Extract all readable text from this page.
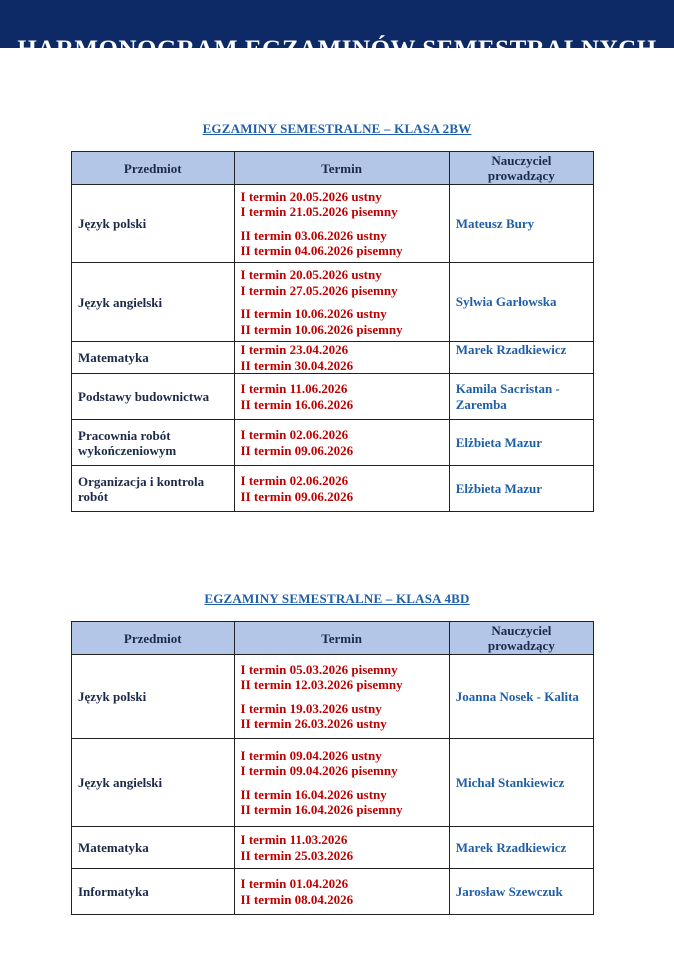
HARMONOGRAM EGZAMINÓW SEMESTRALNYCH
EGZAMINY SEMESTRALNE – KLASA 2BW
Przedmiot	Termin	Nauczyciel
prowadzący
Język polski	I termin 20.05.2026 ustny
I termin 21.05.2026 pisemny
II termin 03.06.2026 ustny
II termin 04.06.2026 pisemny	Mateusz Bury
Język angielski	I termin 20.05.2026 ustny
I termin 27.05.2026 pisemny
II termin 10.06.2026 ustny
II termin 10.06.2026 pisemny	Sylwia Garłowska
Matematyka	I termin 23.04.2026
II termin 30.04.2026	Marek Rzadkiewicz
Podstawy budownictwa	I termin 11.06.2026
II termin 16.06.2026	Kamila Sacristan - Zaremba
Pracownia robót wykończeniowym	I termin 02.06.2026
II termin 09.06.2026	Elżbieta Mazur
Organizacja i kontrola robót	I termin 02.06.2026
II termin 09.06.2026	Elżbieta Mazur
EGZAMINY SEMESTRALNE – KLASA 4BD
Przedmiot	Termin	Nauczyciel
prowadzący
Język polski	I termin 05.03.2026 pisemny
II termin 12.03.2026 pisemny
I termin 19.03.2026 ustny
II termin 26.03.2026 ustny	Joanna Nosek - Kalita
Język angielski	I termin 09.04.2026 ustny
I termin 09.04.2026 pisemny
II termin 16.04.2026 ustny
II termin 16.04.2026 pisemny	Michał Stankiewicz
Matematyka	I termin 11.03.2026
II termin 25.03.2026	Marek Rzadkiewicz
Informatyka	I termin 01.04.2026
II termin 08.04.2026	Jarosław Szewczuk
